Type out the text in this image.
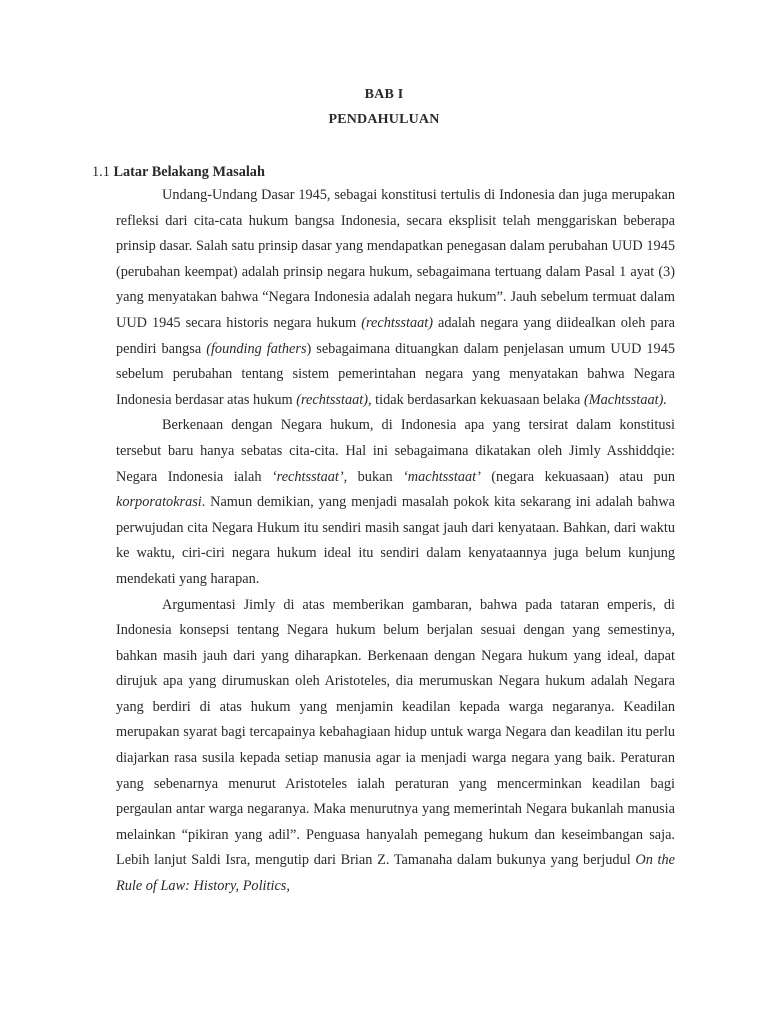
BAB I
PENDAHULUAN
1.1 Latar Belakang Masalah

Undang-Undang Dasar 1945, sebagai konstitusi tertulis di Indonesia dan juga merupakan refleksi dari cita-cata hukum bangsa Indonesia, secara eksplisit telah menggariskan beberapa prinsip dasar. Salah satu prinsip dasar yang mendapatkan penegasan dalam perubahan UUD 1945 (perubahan keempat) adalah prinsip negara hukum, sebagaimana tertuang dalam Pasal 1 ayat (3) yang menyatakan bahwa “Negara Indonesia adalah negara hukum”. Jauh sebelum termuat dalam UUD 1945 secara historis negara hukum (rechtsstaat) adalah negara yang diidealkan oleh para pendiri bangsa (founding fathers) sebagaimana dituangkan dalam penjelasan umum UUD 1945 sebelum perubahan tentang sistem pemerintahan negara yang menyatakan bahwa Negara Indonesia berdasar atas hukum (rechtsstaat), tidak berdasarkan kekuasaan belaka (Machtsstaat).

Berkenaan dengan Negara hukum, di Indonesia apa yang tersirat dalam konstitusi tersebut baru hanya sebatas cita-cita. Hal ini sebagaimana dikatakan oleh Jimly Asshiddqie: Negara Indonesia ialah ‘rechtsstaat’, bukan ‘machtsstaat’ (negara kekuasaan) atau pun korporatokrasi. Namun demikian, yang menjadi masalah pokok kita sekarang ini adalah bahwa perwujudan cita Negara Hukum itu sendiri masih sangat jauh dari kenyataan. Bahkan, dari waktu ke waktu, ciri-ciri negara hukum ideal itu sendiri dalam kenyataannya juga belum kunjung mendekati yang harapan.

Argumentasi Jimly di atas memberikan gambaran, bahwa pada tataran emperis, di Indonesia konsepsi tentang Negara hukum belum berjalan sesuai dengan yang semestinya, bahkan masih jauh dari yang diharapkan. Berkenaan dengan Negara hukum yang ideal, dapat dirujuk apa yang dirumuskan oleh Aristoteles, dia merumuskan Negara hukum adalah Negara yang berdiri di atas hukum yang menjamin keadilan kepada warga negaranya. Keadilan merupakan syarat bagi tercapainya kebahagiaan hidup untuk warga Negara dan keadilan itu perlu diajarkan rasa susila kepada setiap manusia agar ia menjadi warga negara yang baik. Peraturan yang sebenarnya menurut Aristoteles ialah peraturan yang mencerminkan keadilan bagi pergaulan antar warga negaranya. Maka menurutnya yang memerintah Negara bukanlah manusia melainkan “pikiran yang adil”. Penguasa hanyalah pemegang hukum dan keseimbangan saja. Lebih lanjut Saldi Isra, mengutip dari Brian Z. Tamanaha dalam bukunya yang berjudul On the Rule of Law: History, Politics,
